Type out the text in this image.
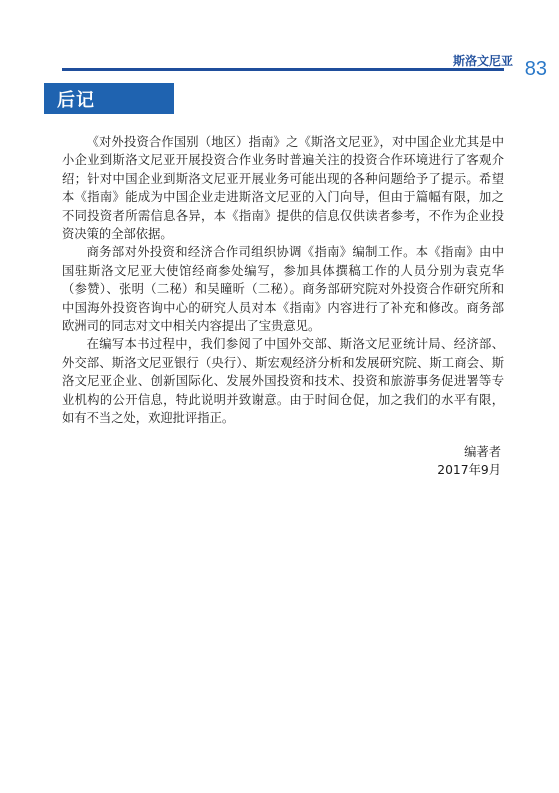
斯洛文尼亚 83
后记

《对外投资合作国别（地区）指南》之《斯洛文尼亚》，对中国企业尤其是中小企业到斯洛文尼亚开展投资合作业务时普遍关注的投资合作环境进行了客观介绍；针对中国企业到斯洛文尼亚开展业务可能出现的各种问题给予了提示。希望本《指南》能成为中国企业走进斯洛文尼亚的入门向导，但由于篇幅有限，加之不同投资者所需信息各异，本《指南》提供的信息仅供读者参考，不作为企业投资决策的全部依据。

商务部对外投资和经济合作司组织协调《指南》编制工作。本《指南》由中国驻斯洛文尼亚大使馆经商参处编写，参加具体撰稿工作的人员分别为袁克华（参赞）、张明（二秘）和吴曈昕（二秘）。商务部研究院对外投资合作研究所和中国海外投资咨询中心的研究人员对本《指南》内容进行了补充和修改。商务部欧洲司的同志对文中相关内容提出了宝贵意见。

在编写本书过程中，我们参阅了中国外交部、斯洛文尼亚统计局、经济部、外交部、斯洛文尼亚银行（央行）、斯宏观经济分析和发展研究院、斯工商会、斯洛文尼亚企业、创新国际化、发展外国投资和技术、投资和旅游事务促进署等专业机构的公开信息，特此说明并致谢意。由于时间仓促，加之我们的水平有限，如有不当之处，欢迎批评指正。

编著者
2017年9月
